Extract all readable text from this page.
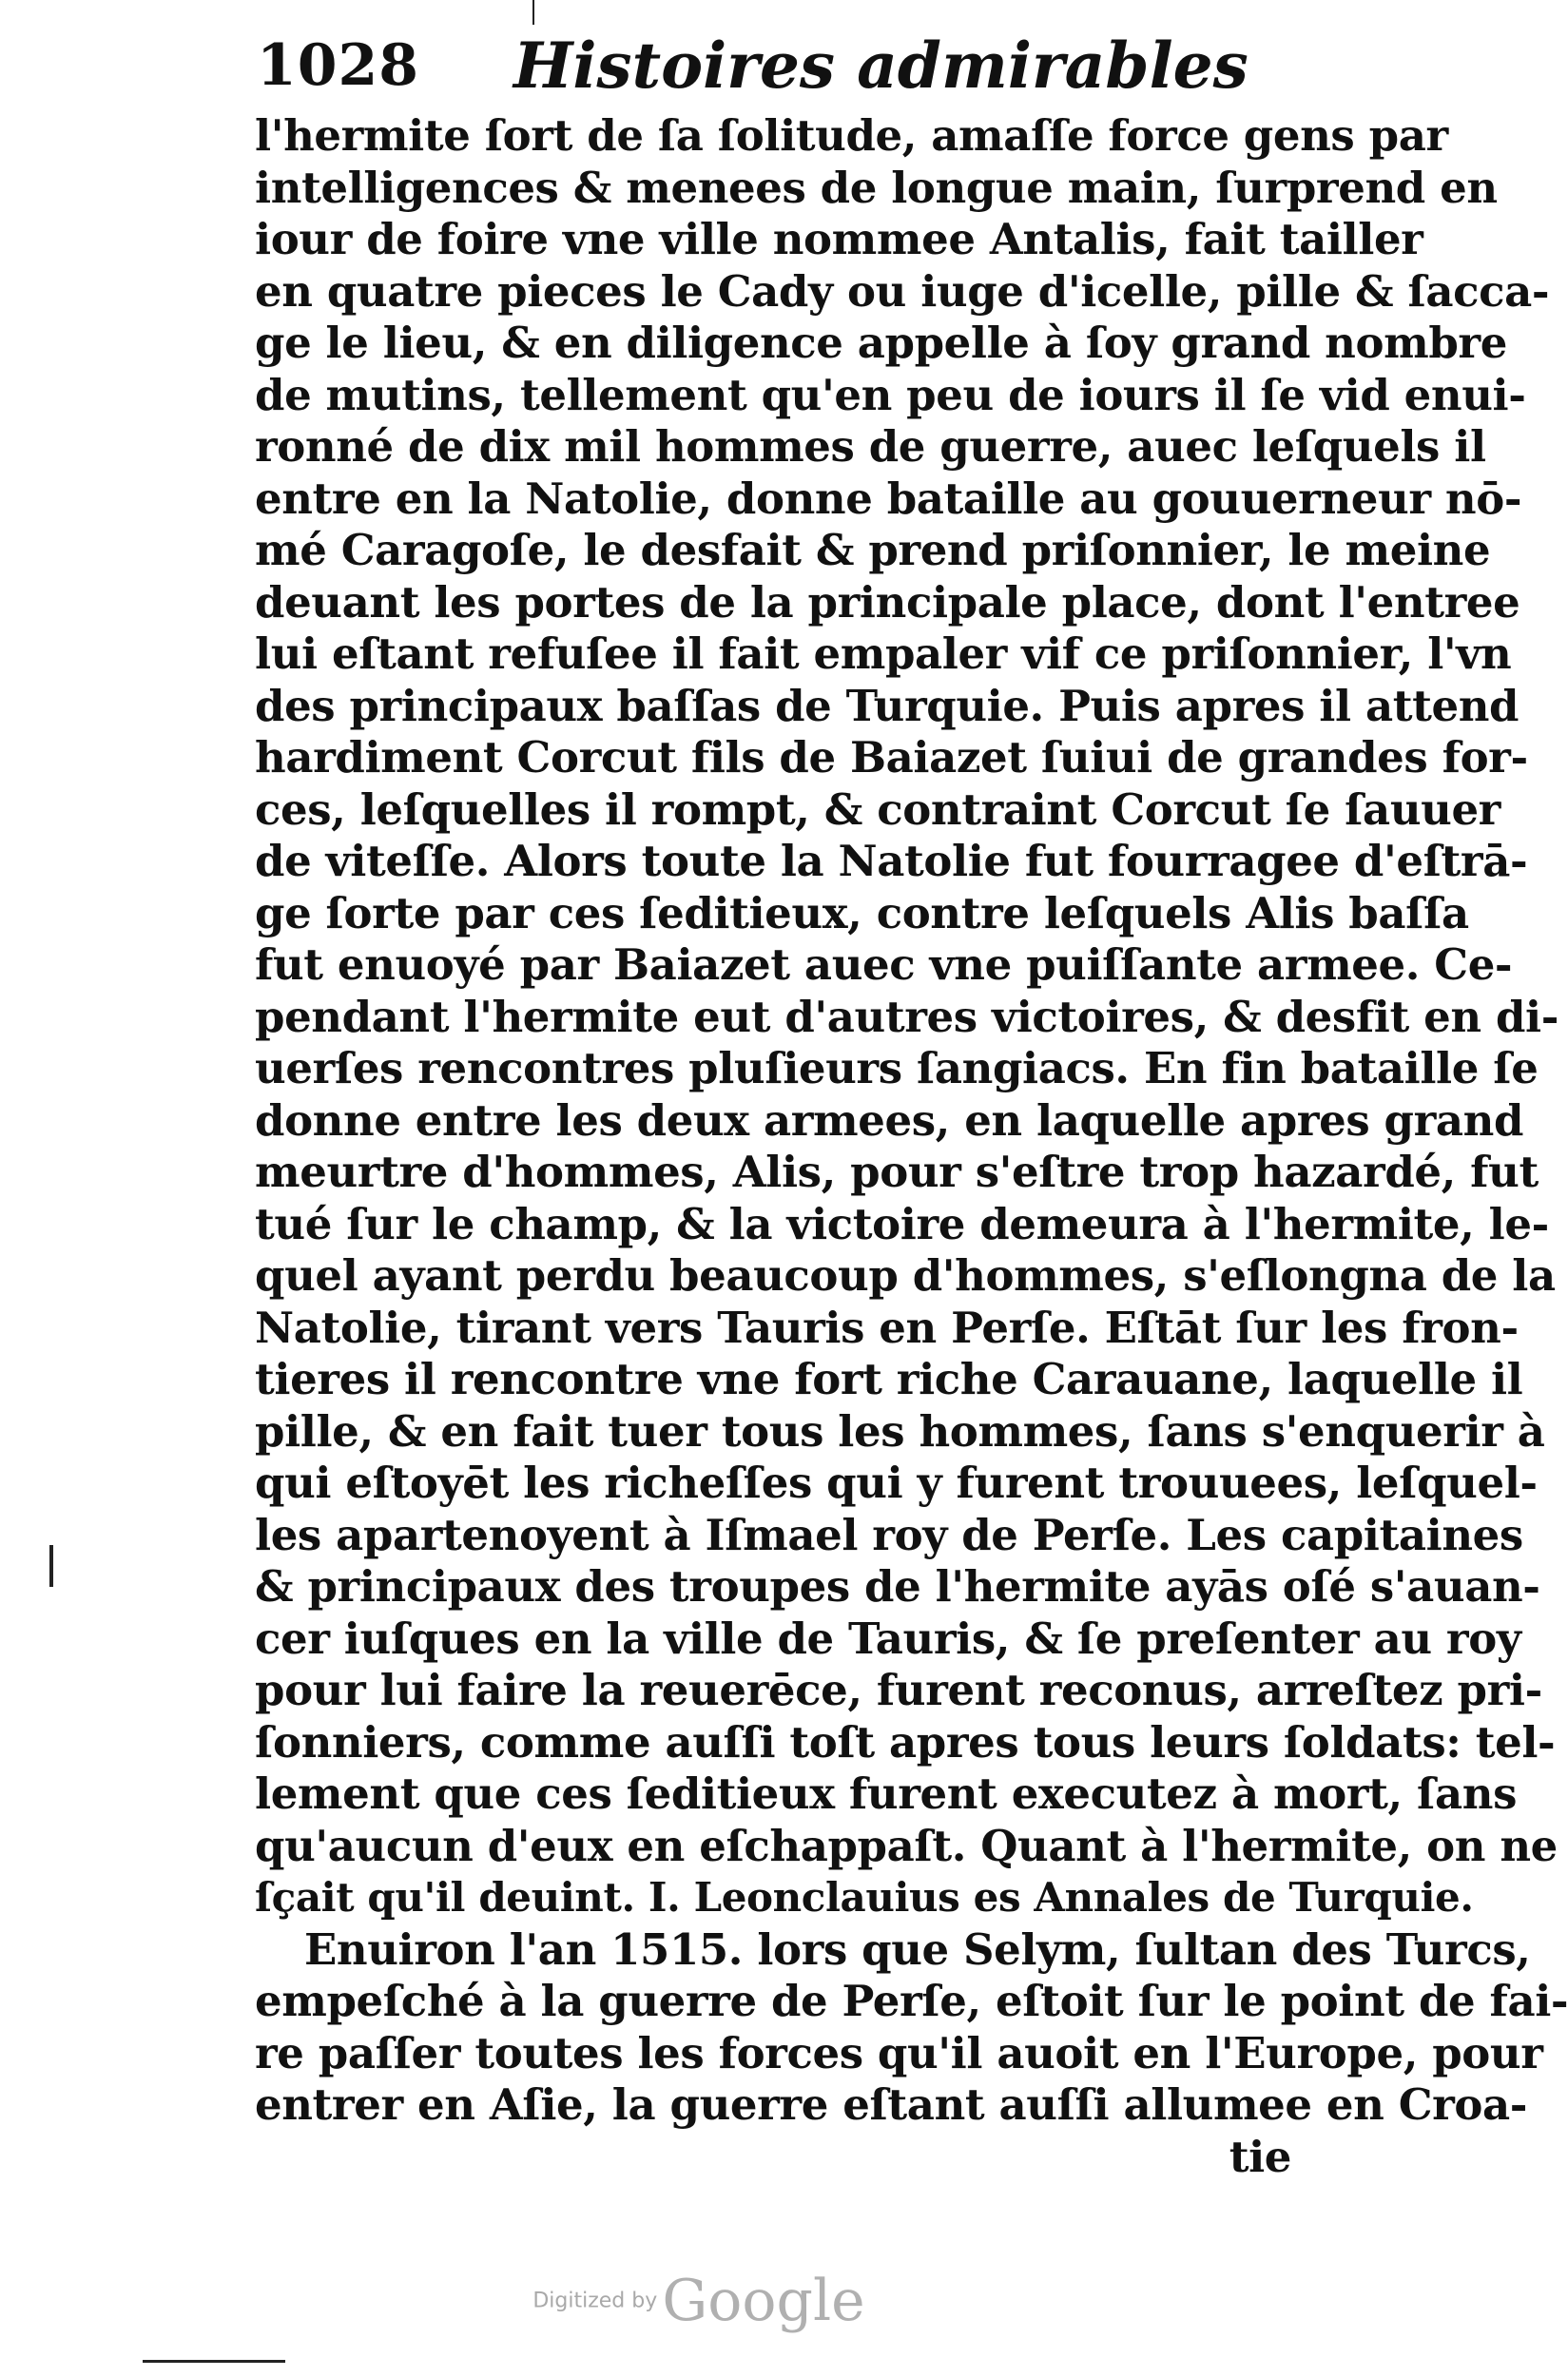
1028 Histoires admirables
l'hermite ſort de ſa ſolitude, amaſſe force gens par
intelligences & menees de longue main, ſurprend en
iour de foire vne ville nommee Antalis, fait tailler
en quatre pieces le Cady ou iuge d'icelle, pille & ſacca-
ge le lieu, & en diligence appelle à ſoy grand nombre
de mutins, tellement qu'en peu de iours il ſe vid enui-
ronné de dix mil hommes de guerre, auec leſquels il
entre en la Natolie, donne bataille au gouuerneur nō-
mé Caragoſe, le desfait & prend priſonnier, le meine
deuant les portes de la principale place, dont l'entree
lui eſtant refuſee il fait empaler vif ce priſonnier, l'vn
des principaux baſſas de Turquie. Puis apres il attend
hardiment Corcut fils de Baiazet ſuiui de grandes for-
ces, leſquelles il rompt, & contraint Corcut ſe ſauuer
de viteſſe. Alors toute la Natolie fut fourragee d'eſtrā-
ge ſorte par ces ſeditieux, contre leſquels Alis baſſa
fut enuoyé par Baiazet auec vne puiſſante armee. Ce-
pendant l'hermite eut d'autres victoires, & desfit en di-
uerſes rencontres pluſieurs ſangiacs. En fin bataille ſe
donne entre les deux armees, en laquelle apres grand
meurtre d'hommes, Alis, pour s'eſtre trop hazardé, fut
tué ſur le champ, & la victoire demeura à l'hermite, le-
quel ayant perdu beaucoup d'hommes, s'eſlongna de la
Natolie, tirant vers Tauris en Perſe. Eſtāt ſur les fron-
tieres il rencontre vne fort riche Carauane, laquelle il
pille, & en fait tuer tous les hommes, ſans s'enquerir à
qui eſtoyēt les richeſſes qui y furent trouuees, leſquel-
les apartenoyent à Iſmael roy de Perſe. Les capitaines
& principaux des troupes de l'hermite ayās oſé s'auan-
cer iuſques en la ville de Tauris, & ſe preſenter au roy
pour lui faire la reuerēce, furent reconus, arreſtez pri-
ſonniers, comme auſſi toſt apres tous leurs ſoldats: tel-
lement que ces ſeditieux furent executez à mort, ſans
qu'aucun d'eux en eſchappaſt. Quant à l'hermite, on ne
ſçait qu'il deuint. I. Leonclauius es Annales de Turquie.
Enuiron l'an 1515. lors que Selym, ſultan des Turcs,
empeſché à la guerre de Perſe, eſtoit ſur le point de fai-
re paſſer toutes les forces qu'il auoit en l'Europe, pour
entrer en Aſie, la guerre eſtant auſſi allumee en Croa-
tie
Digitized by Google
